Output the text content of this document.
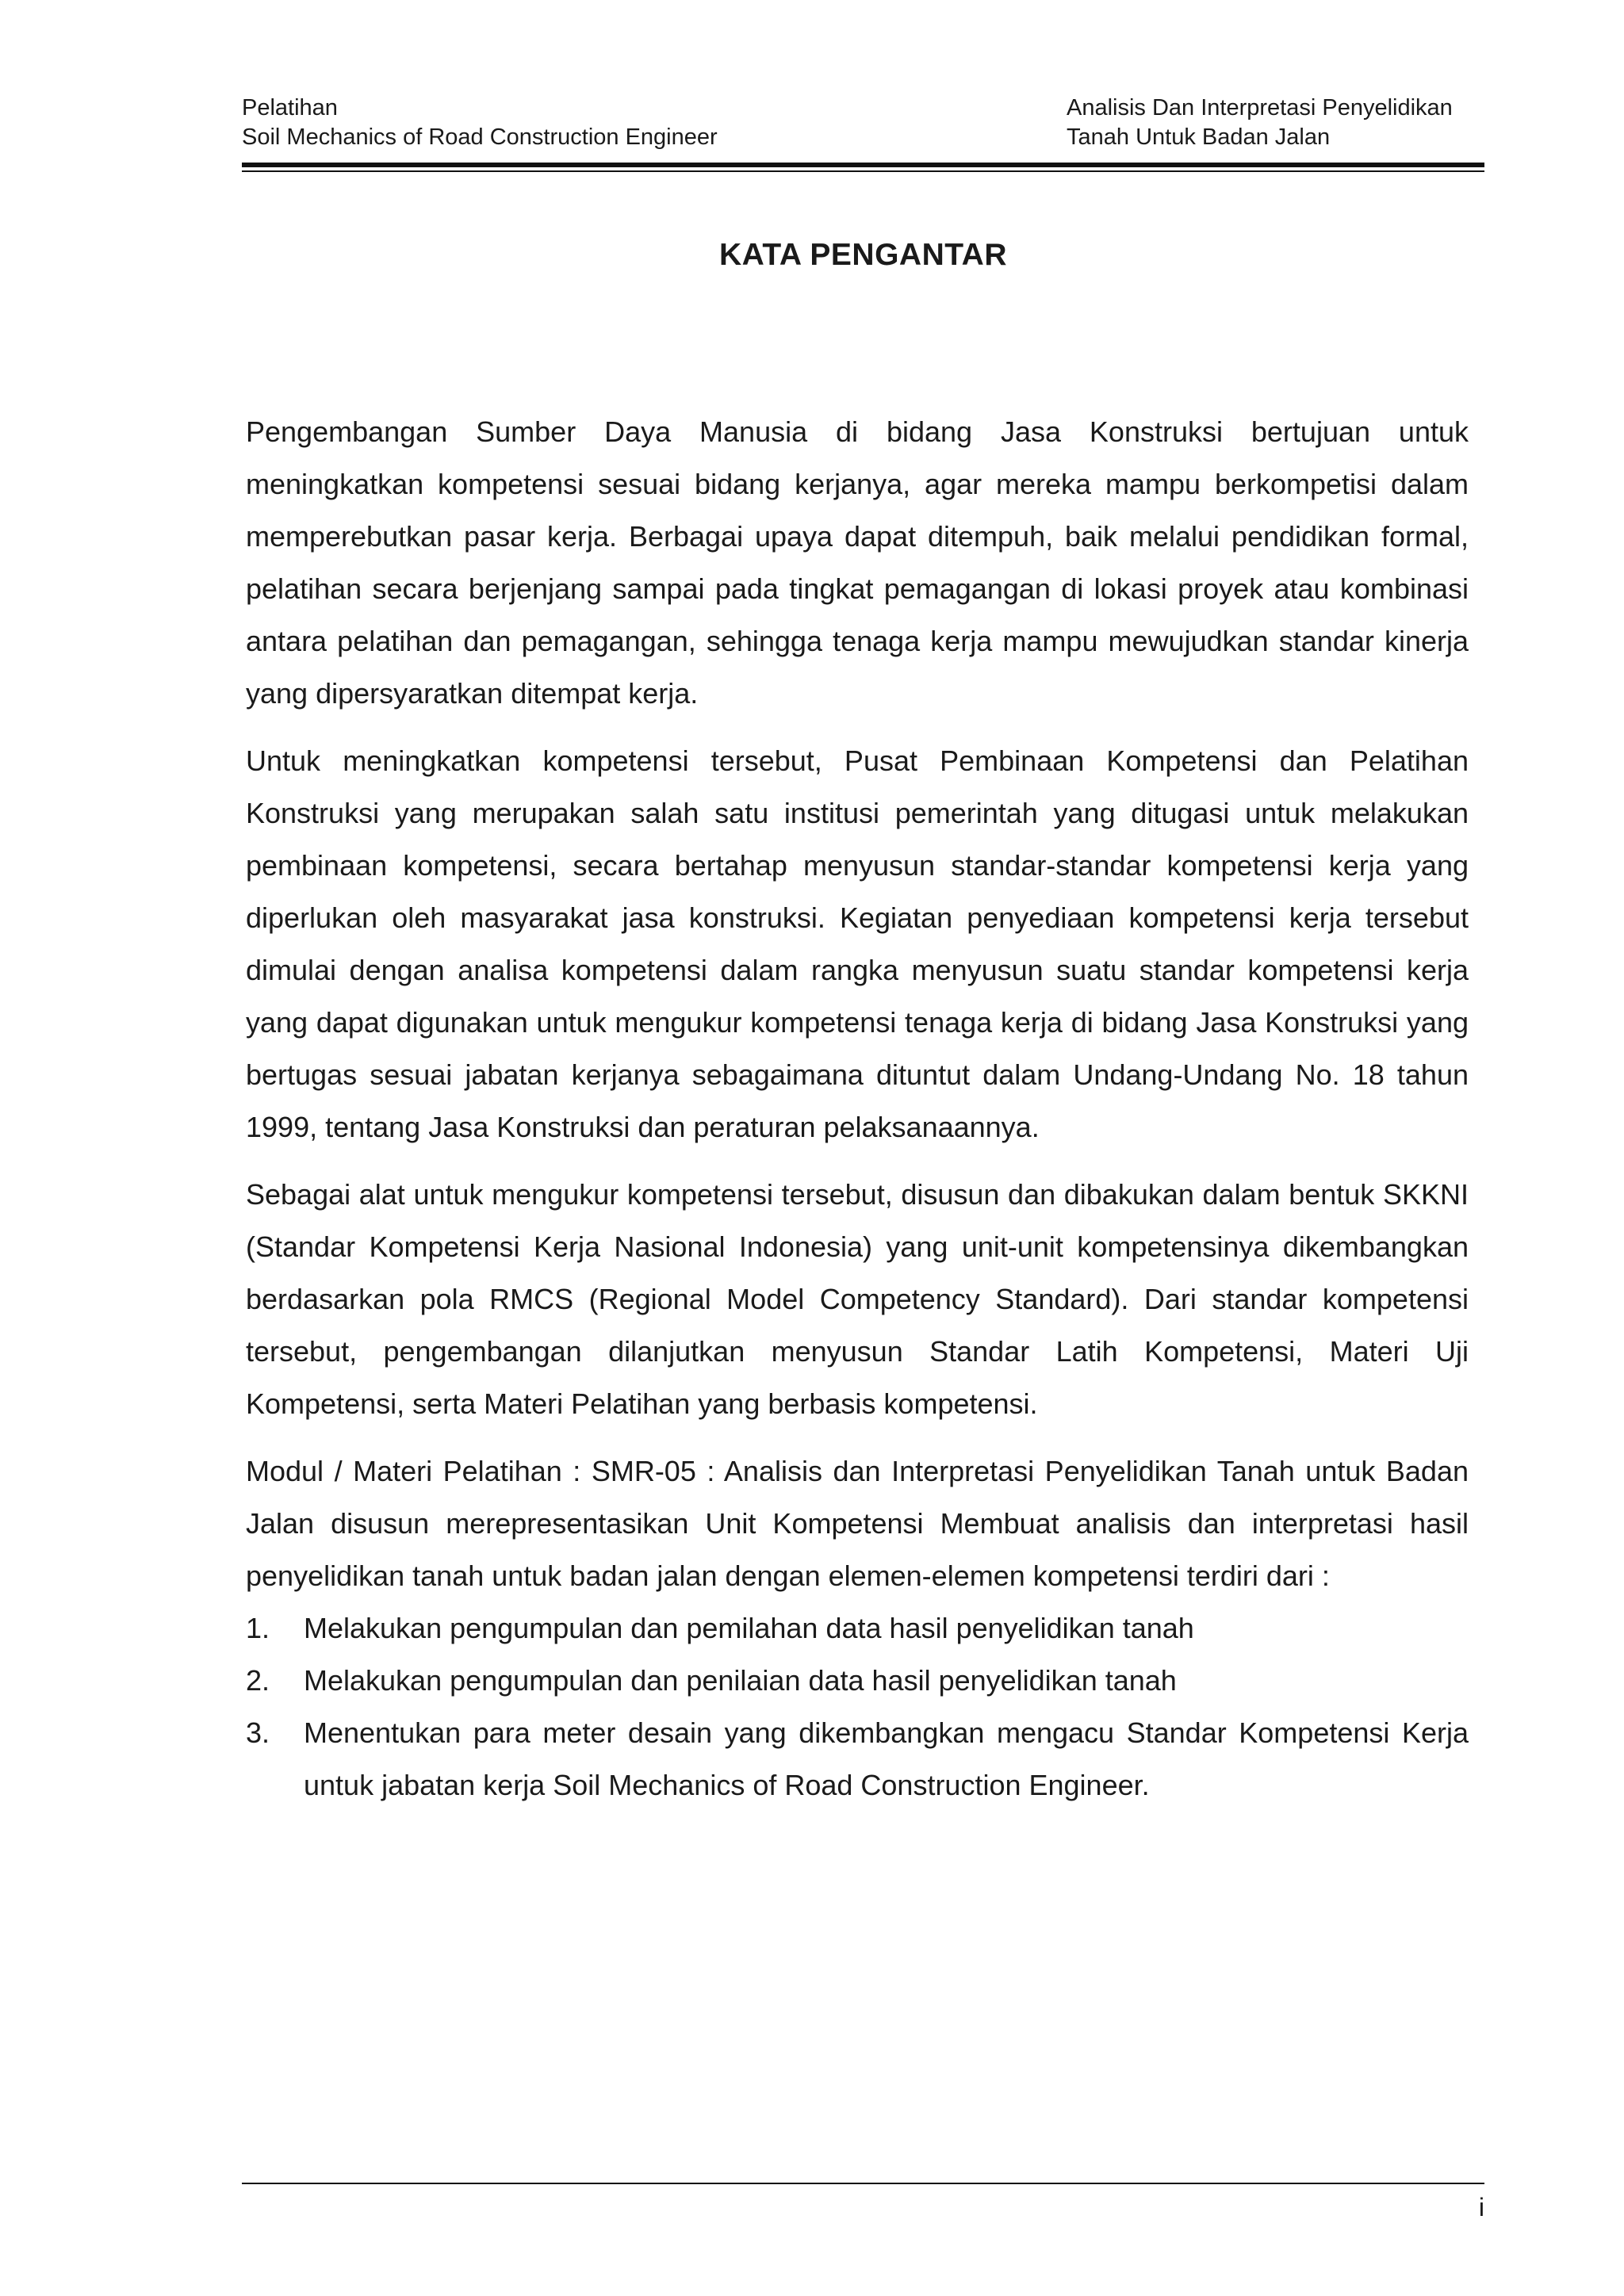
Pelatihan
Soil Mechanics of Road Construction Engineer
Analisis Dan Interpretasi Penyelidikan
Tanah Untuk Badan Jalan
KATA PENGANTAR

Pengembangan Sumber Daya Manusia di bidang Jasa Konstruksi bertujuan untuk meningkatkan kompetensi sesuai bidang kerjanya, agar mereka mampu berkompetisi dalam memperebutkan pasar kerja. Berbagai upaya dapat ditempuh, baik melalui pendidikan formal, pelatihan secara berjenjang sampai pada tingkat pemagangan di lokasi proyek atau kombinasi antara pelatihan dan pemagangan, sehingga tenaga kerja mampu mewujudkan standar kinerja yang dipersyaratkan ditempat kerja.

Untuk meningkatkan kompetensi tersebut, Pusat Pembinaan Kompetensi dan Pelatihan Konstruksi yang merupakan salah satu institusi pemerintah yang ditugasi untuk melakukan pembinaan kompetensi, secara bertahap menyusun standar-standar kompetensi kerja yang diperlukan oleh masyarakat jasa konstruksi. Kegiatan penyediaan kompetensi kerja tersebut dimulai dengan analisa kompetensi dalam rangka menyusun suatu standar kompetensi kerja yang dapat digunakan untuk mengukur kompetensi tenaga kerja di bidang Jasa Konstruksi yang bertugas sesuai jabatan kerjanya sebagaimana dituntut dalam Undang-Undang No. 18 tahun 1999, tentang Jasa Konstruksi dan peraturan pelaksanaannya.

Sebagai alat untuk mengukur kompetensi tersebut, disusun dan dibakukan dalam bentuk SKKNI (Standar Kompetensi Kerja Nasional Indonesia) yang unit-unit kompetensinya dikembangkan berdasarkan pola RMCS (Regional Model Competency Standard). Dari standar kompetensi tersebut, pengembangan dilanjutkan menyusun Standar Latih Kompetensi, Materi Uji Kompetensi, serta Materi Pelatihan yang berbasis kompetensi.

Modul / Materi Pelatihan : SMR-05 : Analisis dan Interpretasi Penyelidikan Tanah untuk Badan Jalan disusun merepresentasikan Unit Kompetensi Membuat analisis dan interpretasi hasil penyelidikan tanah untuk badan jalan dengan elemen-elemen kompetensi terdiri dari :

1. Melakukan pengumpulan dan pemilahan data hasil penyelidikan tanah
2. Melakukan pengumpulan dan penilaian data hasil penyelidikan tanah
3. Menentukan para meter desain yang dikembangkan mengacu Standar Kompetensi Kerja untuk jabatan kerja Soil Mechanics of Road Construction Engineer.
i
